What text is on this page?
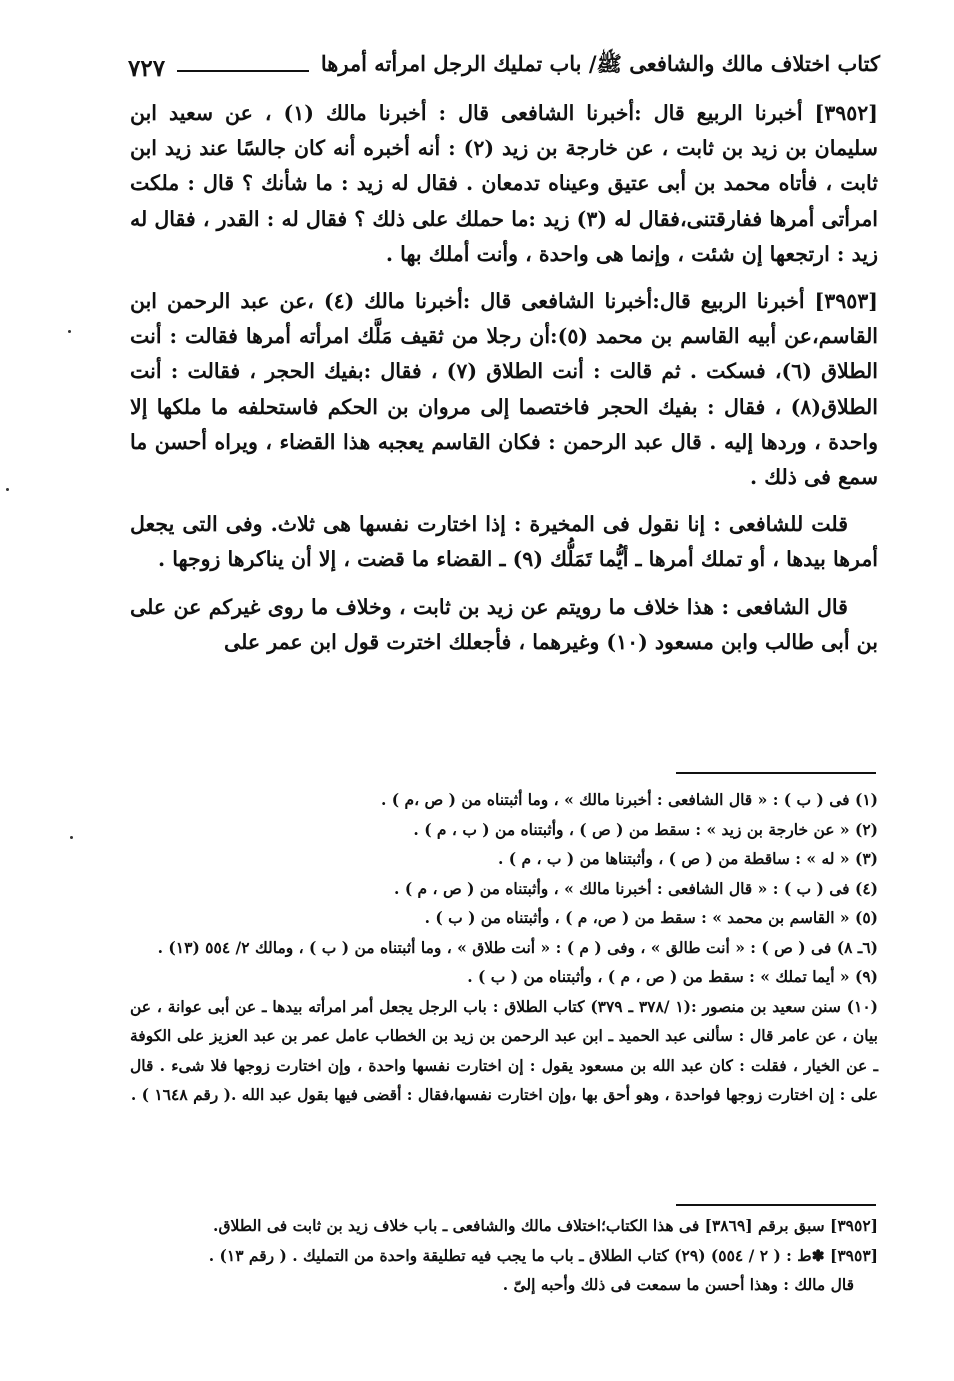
كتاب اختلاف مالك والشافعى ﷺ/ باب تمليك الرجل امرأته أمرها
٧٢٧

[٣٩٥٢] أخبرنا الربيع قال :أخبرنا الشافعى قال : أخبرنا مالك (١) ، عن سعيد ابن سليمان بن زيد بن ثابت ، عن خارجة بن زيد (٢) : أنه أخبره أنه كان جالسًا عند زيد ابن ثابت ، فأتاه محمد بن أبى عتيق وعيناه تدمعان . فقال له زيد : ما شأنك ؟ قال : ملكت امرأتى أمرها ففارقتنى،فقال له (٣) زيد :ما حملك على ذلك ؟ فقال له : القدر ، فقال له زيد : ارتجعها إن شئت ، وإنما هى واحدة ، وأنت أملك بها .

[٣٩٥٣] أخبرنا الربيع قال:أخبرنا الشافعى قال :أخبرنا مالك (٤) ،عن عبد الرحمن ابن القاسم،عن أبيه القاسم بن محمد (٥):أن رجلا من ثقيف مَلَّك امرأته أمرها فقالت : أنت الطلاق (٦)، فسكت . ثم قالت : أنت الطلاق (٧) ، فقال :بفيك الحجر ، فقالت : أنت الطلاق(٨) ، فقال : بفيك الحجر فاختصما إلى مروان بن الحكم فاستحلفه ما ملكها إلا واحدة ، وردها إليه . قال عبد الرحمن : فكان القاسم يعجبه هذا القضاء ، ويراه أحسن ما سمع فى ذلك .

قلت للشافعى : إنا نقول فى المخيرة : إذا اختارت نفسها هى ثلاث. وفى التى يجعل أمرها بيدها ، أو تملك أمرها ـ أيُّما تَمَلُّك (٩) ـ القضاء ما قضت ، إلا أن يناكرها زوجها .

قال الشافعى : هذا خلاف ما رويتم عن زيد بن ثابت ، وخلاف ما روى غيركم عن على بن أبى طالب وابن مسعود (١٠) وغيرهما ، فأجعلك اخترت قول ابن عمر على

(١) فى ( ب ) : « قال الشافعى : أخبرنا مالك » ، وما أثبتناه من ( ص ،م ) .

(٢) « عن خارجة بن زيد » : سقط من ( ص ) ، وأثبتناه من ( ب ، م ) .

(٣) « له » : ساقطة من ( ص ) ، وأثبتناها من ( ب ، م ) .

(٤) فى ( ب ) : « قال الشافعى : أخبرنا مالك » ، وأثبتناه من ( ص ، م ) .

(٥) « القاسم بن محمد » : سقط من ( ص، م ) ، وأثبتناه من ( ب ) .

(٦ـ ٨) فى ( ص ) : « أنت طالق » ، وفى ( م ) : « أنت طلاق » ، وما أثبتناه من ( ب ) ، ومالك ٢/ ٥٥٤ (١٣) .

(٩) « أيما تملك » : سقط من ( ص ، م ) ، وأثبتناه من ( ب ) .

(١٠) سنن سعيد بن منصور :(١ /٣٧٨ ـ ٣٧٩) كتاب الطلاق : باب الرجل يجعل أمر امرأته بيدها ـ عن أبى عوانة ، عن بيان ، عن عامر قال : سألنى عبد الحميد ـ ابن عبد الرحمن بن زيد بن الخطاب عامل عمر بن عبد العزيز على الكوفة ـ عن الخيار ، فقلت : كان عبد الله بن مسعود يقول : إن اختارت نفسها واحدة ، وإن اختارت زوجها فلا شىء . قال على : إن اختارت زوجها فواحدة ، وهو أحق بها ،وإن اختارت نفسها،فقال : أقضى فيها بقول عبد الله .( رقم ١٦٤٨ ) .

[٣٩٥٢] سبق برقم [٣٨٦٩] فى هذا الكتاب؛اختلاف مالك والشافعى ـ باب خلاف زيد بن ثابت فى الطلاق.

[٣٩٥٣] ✽ط : ( ٢ / ٥٥٤) (٢٩) كتاب الطلاق ـ باب ما يجب فيه تطليقة واحدة من التمليك . ( رقم ١٣) .

قال مالك : وهذا أحسن ما سمعت فى ذلك وأحبه إلىّ .
